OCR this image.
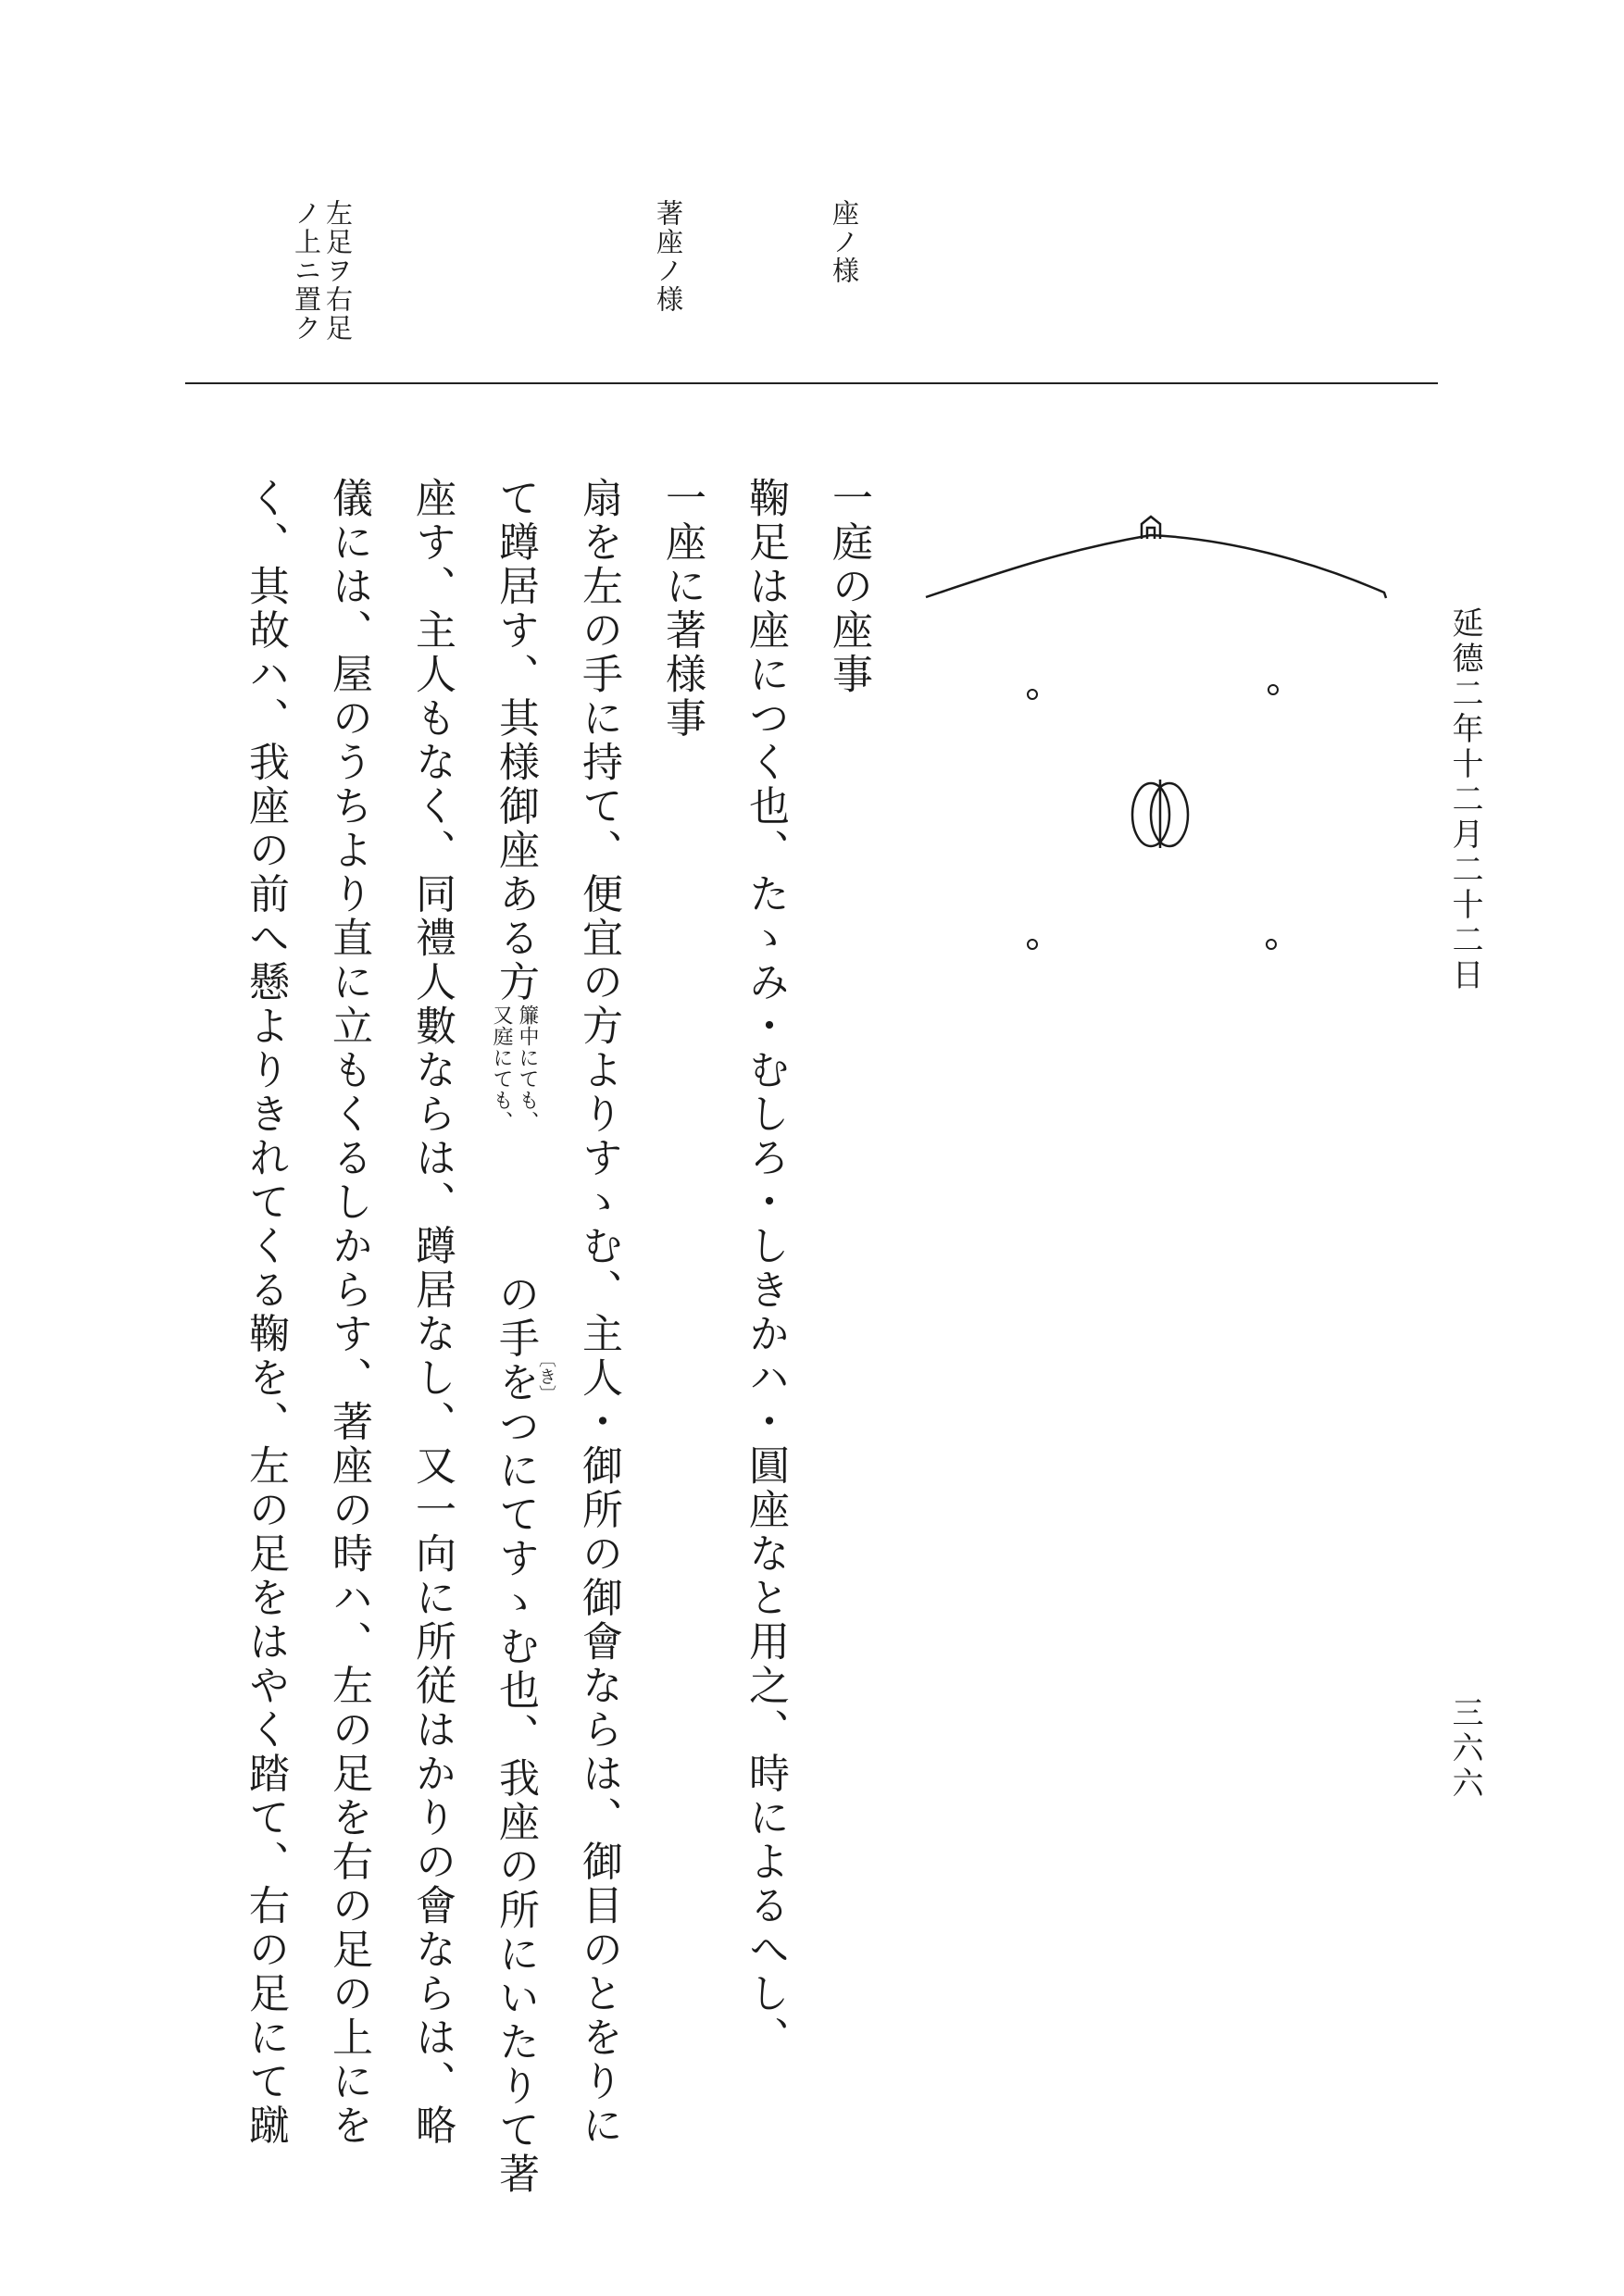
延德二年十二月二十二日
三六六
座ノ様
著座ノ様
左足ヲ右足
ノ上ニ置ク
一庭の座事
鞠足は座につく也、たゝみ・むしろ・しきかハ・圓座なと用之、時によるへし、
一座に著様事
扇を左の手に持て、便宜の方よりすゝむ、主人・御所の御會ならは、御目のとをりに
て蹲居す、其様御座ある方
簾中にても、
又庭にても、
の手をつにてすゝむ也、我座の所にいたりて著
〔き〕
座す、主人もなく、同禮人數ならは、蹲居なし、又一向に所従はかりの會ならは、略
儀には、屋のうちより直に立もくるしからす、著座の時ハ、左の足を右の足の上にを
く、其故ハ、我座の前へ懸よりきれてくる鞠を、左の足をはやく踏て、右の足にて蹴
